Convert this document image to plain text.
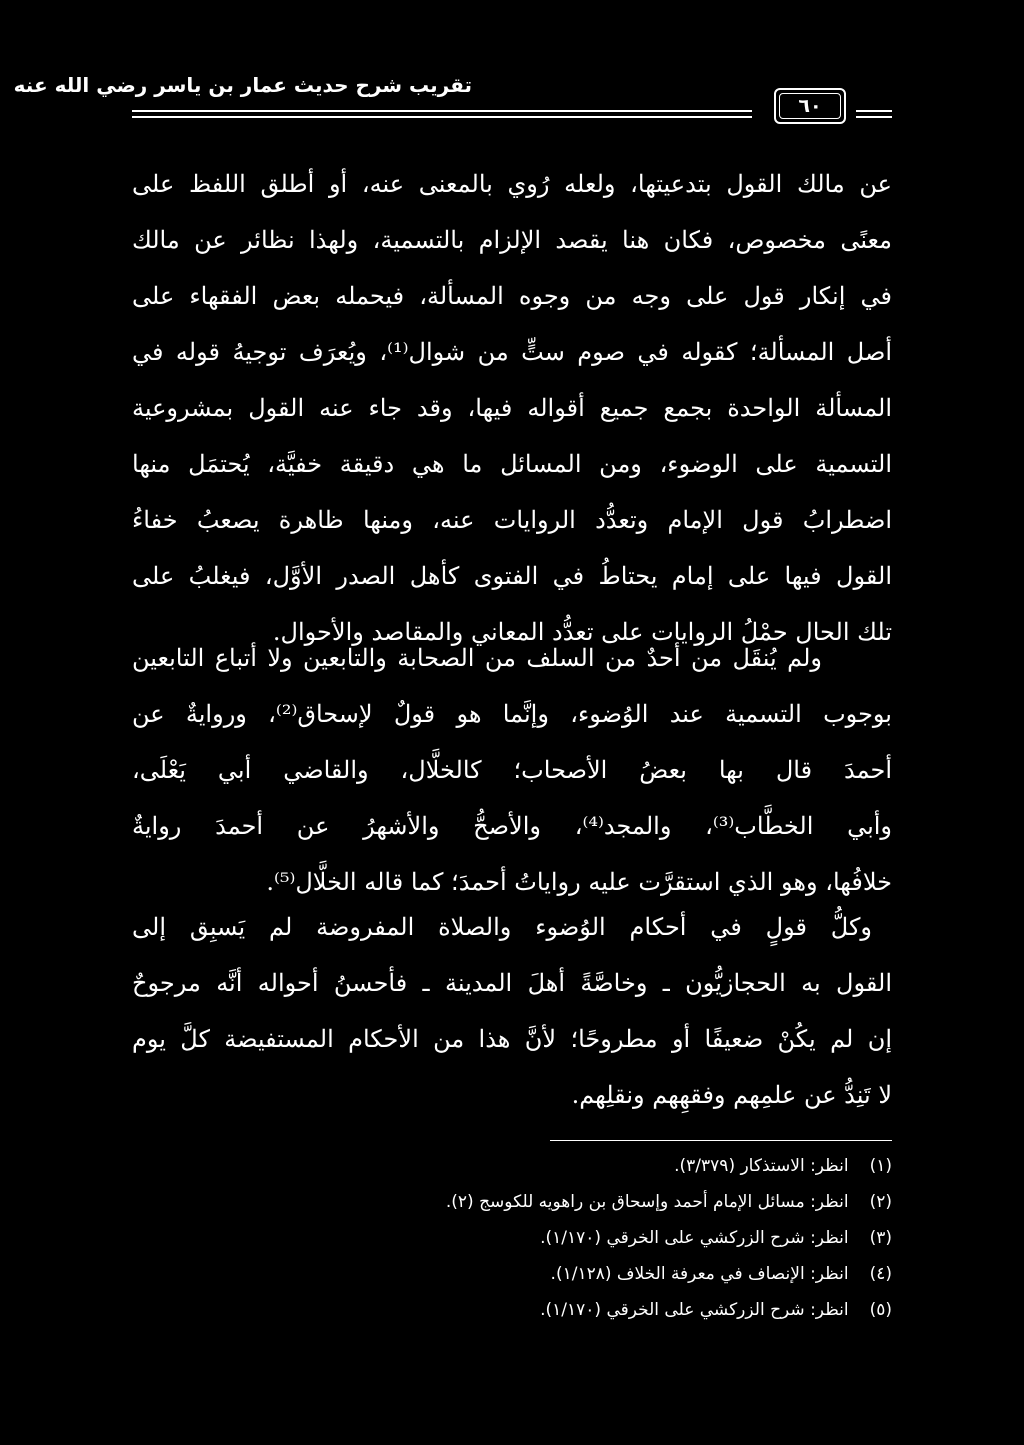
تقريب شرح حديث عمار بن ياسر رضي الله عنه
٦٠
عن مالك القول بتدعيتها، ولعله رُوي بالمعنى عنه، أو أطلق اللفظ على
معنًى مخصوص، فكان هنا يقصد الإلزام بالتسمية، ولهذا نظائر عن مالك
في إنكار قول على وجه من وجوه المسألة، فيحمله بعض الفقهاء على
أصل المسألة؛ كقوله في صوم ستٍّ من شوال⁽¹⁾، ويُعرَف توجيهُ قوله في
المسألة الواحدة بجمع جميع أقواله فيها، وقد جاء عنه القول بمشروعية
التسمية على الوضوء، ومن المسائل ما هي دقيقة خفيَّة، يُحتمَل منها
اضطرابُ قول الإمام وتعدُّد الروايات عنه، ومنها ظاهرة يصعبُ خفاءُ
القول فيها على إمام يحتاطُ في الفتوى كأهل الصدر الأوَّل، فيغلبُ على
تلك الحال حمْلُ الروايات على تعدُّد المعاني والمقاصد والأحوال.
ولم يُنقَل من أحدٌ من السلف من الصحابة والتابعين ولا أتباع التابعين
بوجوب التسمية عند الوُضوء، وإنَّما هو قولٌ لإسحاق⁽²⁾، وروايةٌ عن
أحمدَ قال بها بعضُ الأصحاب؛ كالخلَّال، والقاضي أبي يَعْلَى،
وأبي الخطَّاب⁽³⁾، والمجد⁽⁴⁾، والأصحُّ والأشهرُ عن أحمدَ روايةٌ
خلافُها، وهو الذي استقرَّت عليه رواياتُ أحمدَ؛ كما قاله الخلَّال⁽⁵⁾.
وكلُّ قولٍ في أحكام الوُضوء والصلاة المفروضة لم يَسبِق إلى
القول به الحجازيُّون ـ وخاصَّةً أهلَ المدينة ـ فأحسنُ أحواله أنَّه مرجوحٌ
إن لم يكُنْ ضعيفًا أو مطروحًا؛ لأنَّ هذا من الأحكام المستفيضة كلَّ يوم
لا تَنِدُّ عن علمِهم وفقهِهم ونقلِهم.
(١) انظر: الاستذكار (٣/٣٧٩).
(٢) انظر: مسائل الإمام أحمد وإسحاق بن راهويه للكوسج (٢).
(٣) انظر: شرح الزركشي على الخرقي (١/١٧٠).
(٤) انظر: الإنصاف في معرفة الخلاف (١/١٢٨).
(٥) انظر: شرح الزركشي على الخرقي (١/١٧٠).
